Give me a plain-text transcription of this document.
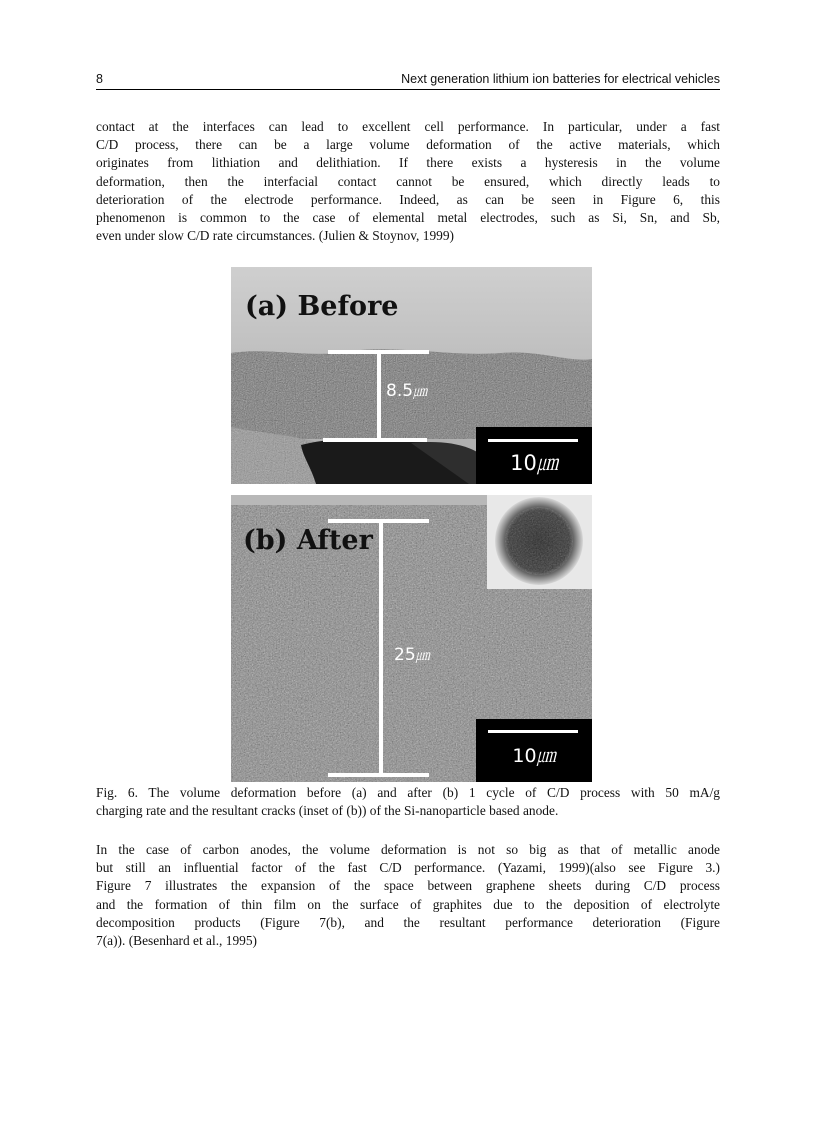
8	Next generation lithium ion batteries for electrical vehicles
contact at the interfaces can lead to excellent cell performance. In particular, under a fast
C/D process, there can be a large volume deformation of the active materials, which
originates from lithiation and delithiation. If there exists a hysteresis in the volume
deformation, then the interfacial contact cannot be ensured, which directly leads to
deterioration of the electrode performance. Indeed, as can be seen in Figure 6, this
phenomenon is common to the case of elemental metal electrodes, such as Si, Sn, and Sb,
even under slow C/D rate circumstances. (Julien & Stoynov, 1999)
(a) Before
8.5㎛
10㎛
(b) After
25㎛
10㎛
Fig. 6. The volume deformation before (a) and after (b) 1 cycle of C/D process with 50 mA/g
charging rate and the resultant cracks (inset of (b)) of the Si-nanoparticle based anode.
In the case of carbon anodes, the volume deformation is not so big as that of metallic anode
but still an influential factor of the fast C/D performance. (Yazami, 1999)(also see Figure 3.)
Figure 7 illustrates the expansion of the space between graphene sheets during C/D process
and the formation of thin film on the surface of graphites due to the deposition of electrolyte
decomposition products (Figure 7(b), and the resultant performance deterioration (Figure
7(a)). (Besenhard et al., 1995)
